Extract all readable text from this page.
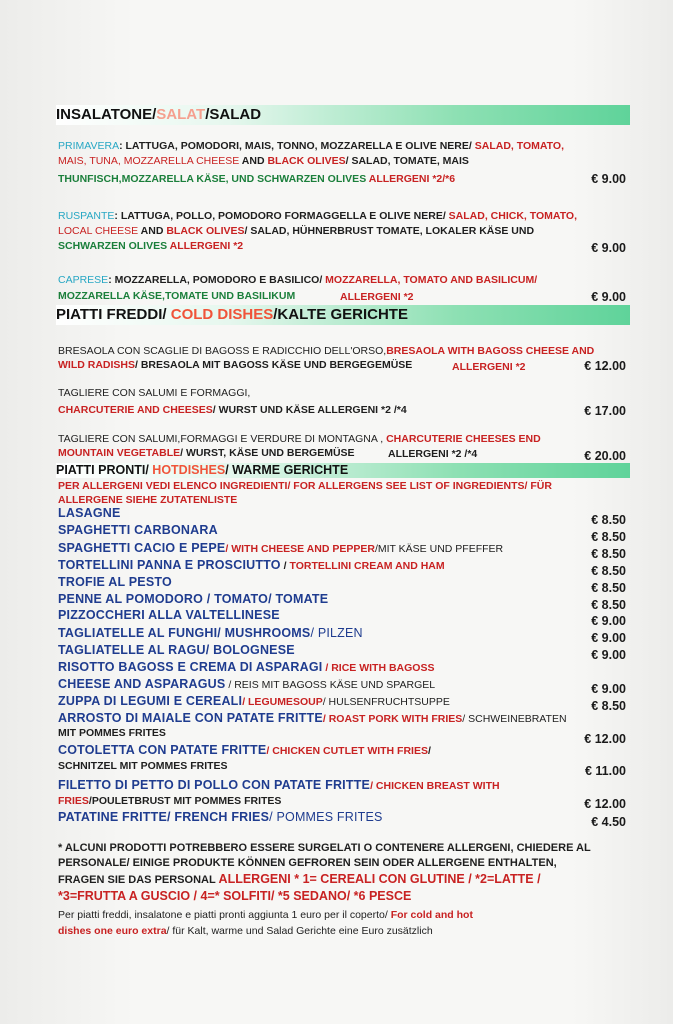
INSALATONE/SALAT/SALAD
PRIMAVERA: LATTUGA, POMODORI, MAIS, TONNO, MOZZARELLA E OLIVE NERE/ SALAD, TOMATO,
MAIS, TUNA, MOZZARELLA CHEESE AND BLACK OLIVES/ SALAD, TOMATE, MAIS
THUNFISCH,MOZZARELLA KÄSE, UND SCHWARZEN OLIVES ALLERGENI *2/*6	€ 9.00
RUSPANTE: LATTUGA, POLLO, POMODORO FORMAGGELLA E OLIVE NERE/ SALAD, CHICK, TOMATO,
LOCAL CHEESE AND BLACK OLIVES/ SALAD, HÜHNERBRUST TOMATE, LOKALER KÄSE UND
SCHWARZEN OLIVES ALLERGENI *2	€ 9.00
CAPRESE: MOZZARELLA, POMODORO E BASILICO/ MOZZARELLA, TOMATO AND BASILICUM/
MOZZARELLA KÄSE,TOMATE UND BASILIKUM	ALLERGENI *2	€ 9.00
PIATTI FREDDI/ COLD DISHES/KALTE GERICHTE
BRESAOLA CON SCAGLIE DI BAGOSS E RADICCHIO DELL'ORSO,BRESAOLA WITH BAGOSS CHEESE AND
WILD RADISHS/ BRESAOLA MIT BAGOSS KÄSE UND BERGEGEMÜSE	ALLERGENI *2	€ 12.00
TAGLIERE CON SALUMI E FORMAGGI,
CHARCUTERIE AND CHEESES/ WURST UND KÄSE ALLERGENI *2 /*4	€ 17.00
TAGLIERE CON SALUMI,FORMAGGI E VERDURE DI MONTAGNA , CHARCUTERIE CHEESES END
MOUNTAIN VEGETABLE/ WURST, KÄSE UND BERGEMÜSE	ALLERGENI *2 /*4	€ 20.00
PIATTI PRONTI/ HOTDISHES/ WARME GERICHTE
PER ALLERGENI VEDI ELENCO INGREDIENTI/ FOR ALLERGENS SEE LIST OF INGREDIENTS/ FÜR
ALLERGENE SIEHE ZUTATENLISTE
LASAGNE	€ 8.50
SPAGHETTI CARBONARA	€ 8.50
SPAGHETTI CACIO E PEPE/ WITH CHEESE AND PEPPER/MIT KÄSE UND PFEFFER	€ 8.50
TORTELLINI PANNA E PROSCIUTTO / TORTELLINI CREAM AND HAM	€ 8.50
TROFIE AL PESTO	€ 8.50
PENNE AL POMODORO / TOMATO/ TOMATE	€ 8.50
PIZZOCCHERI ALLA VALTELLINESE	€ 9.00
TAGLIATELLE AL FUNGHI/ MUSHROOMS/ PILZEN	€ 9.00
TAGLIATELLE AL RAGU/ BOLOGNESE	€ 9.00
RISOTTO BAGOSS E CREMA DI ASPARAGI / RICE WITH BAGOSS
CHEESE AND ASPARAGUS / REIS MIT BAGOSS KÄSE UND SPARGEL	€ 9.00
ZUPPA DI LEGUMI E CEREALI/ LEGUMESOUP/ HULSENFRUCHTSUPPE	€ 8.50
ARROSTO DI MAIALE CON PATATE FRITTE/ ROAST PORK WITH FRIES/ SCHWEINEBRATEN
MIT POMMES FRITES	€ 12.00
COTOLETTA CON PATATE FRITTE/ CHICKEN CUTLET WITH FRIES/
SCHNITZEL MIT POMMES FRITES	€ 11.00
FILETTO DI PETTO DI POLLO CON PATATE FRITTE/ CHICKEN BREAST WITH
FRIES/POULETBRUST MIT POMMES FRITES	€ 12.00
PATATINE FRITTE/ FRENCH FRIES/ POMMES FRITES	€ 4.50
* ALCUNI PRODOTTI POTREBBERO ESSERE SURGELATI O CONTENERE ALLERGENI, CHIEDERE AL
PERSONALE/ EINIGE PRODUKTE KÖNNEN GEFROREN SEIN ODER ALLERGENE ENTHALTEN,
FRAGEN SIE DAS PERSONAL ALLERGENI * 1= CEREALI CON GLUTINE / *2=LATTE /
*3=FRUTTA A GUSCIO / 4=* SOLFITI/ *5 SEDANO/ *6 PESCE
Per piatti freddi, insalatone e piatti pronti aggiunta 1 euro per il coperto/ For cold and hot
dishes one euro extra/ für Kalt, warme und Salad Gerichte eine Euro zusätzlich
